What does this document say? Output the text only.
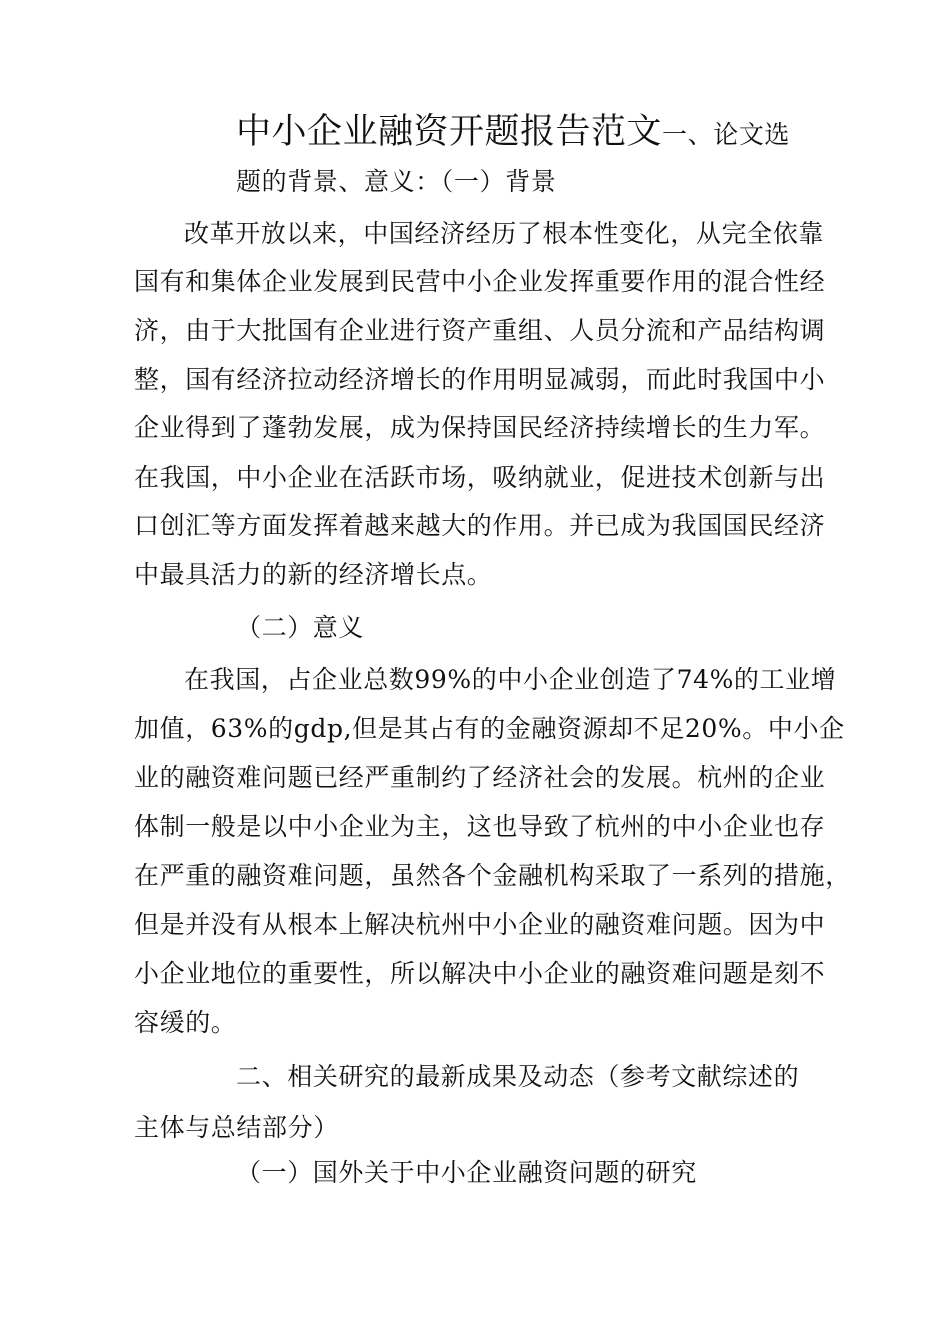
中小企业融资开题报告范文一、论文选
题的背景、意义：（一）背景
改革开放以来，中国经济经历了根本性变化，从完全依靠
国有和集体企业发展到民营中小企业发挥重要作用的混合性经
济，由于大批国有企业进行资产重组、人员分流和产品结构调
整，国有经济拉动经济增长的作用明显减弱，而此时我国中小
企业得到了蓬勃发展，成为保持国民经济持续增长的生力军。
在我国，中小企业在活跃市场，吸纳就业，促进技术创新与出
口创汇等方面发挥着越来越大的作用。并已成为我国国民经济
中最具活力的新的经济增长点。
（二）意义
在我国，占企业总数99%的中小企业创造了74%的工业增
加值，63%的gdp,但是其占有的金融资源却不足20%。中小企
业的融资难问题已经严重制约了经济社会的发展。杭州的企业
体制一般是以中小企业为主，这也导致了杭州的中小企业也存
在严重的融资难问题，虽然各个金融机构采取了一系列的措施，
但是并没有从根本上解决杭州中小企业的融资难问题。因为中
小企业地位的重要性，所以解决中小企业的融资难问题是刻不
容缓的。
二、相关研究的最新成果及动态（参考文献综述的
主体与总结部分）
（一）国外关于中小企业融资问题的研究
